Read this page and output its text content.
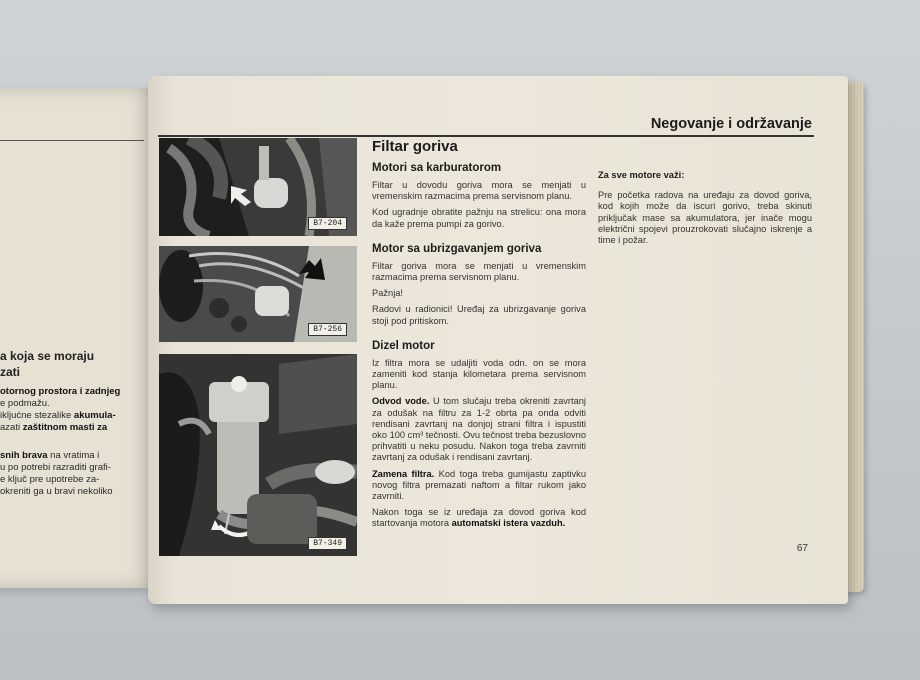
a koja se moraju
zati
otornog prostora i zadnjeg
e podmažu.
ikljućne stezalike akumula-
azati zaštitnom masti za
snih brava na vratima i
u po potrebi razraditi grafi-
e ključ pre upotrebe za-
okreniti ga u bravi nekoliko
Negovanje i održavanje
B7-204
B7-256
B7-349
Filtar goriva
Motori sa karburatorom

Filtar u dovodu goriva mora se menjati u vremenskim razmacima prema servisnom planu.

Kod ugradnje obratite pažnju na strelicu: ona mora da kaže prema pumpi za gorivo.

Motor sa ubrizgavanjem goriva

Filtar goriva mora se menjati u vremenskim razmacima prema servisnom planu.

Pažnja!

Radovi u radionici! Uređaj za ubrizgavanje goriva stoji pod pritiskom.

Dizel motor

Iz filtra mora se udaljiti voda odn. on se mora zameniti kod stanja kilometara prema servisnom planu.

Odvod vode. U tom slučaju treba okreniti zavrtanj za odušak na filtru za 1-2 obrta pa onda odviti rendisani zavrtanj na donjoj strani filtra i ispustiti oko 100 cm³ tečnosti. Ovu tečnost treba bezuslovno prihvatiti u neku posudu. Nakon toga treba zavrniti zavrtanj za odušak i rendisani zavrtanj.

Zamena filtra. Kod toga treba gumijastu zaptivku novog filtra premazati naftom a filtar rukom jako zavrniti.

Nakon toga se iz uređaja za dovod goriva kod startovanja motora automatski istera vazduh.

Za sve motore važi:

Pre početka radova na uređaju za dovod goriva, kod kojih može da iscuri gorivo, treba skinuti priključak mase sa akumulatora, jer inače mogu električni spojevi prouzrokovati slučajno iskrenje a time i požar.

67
